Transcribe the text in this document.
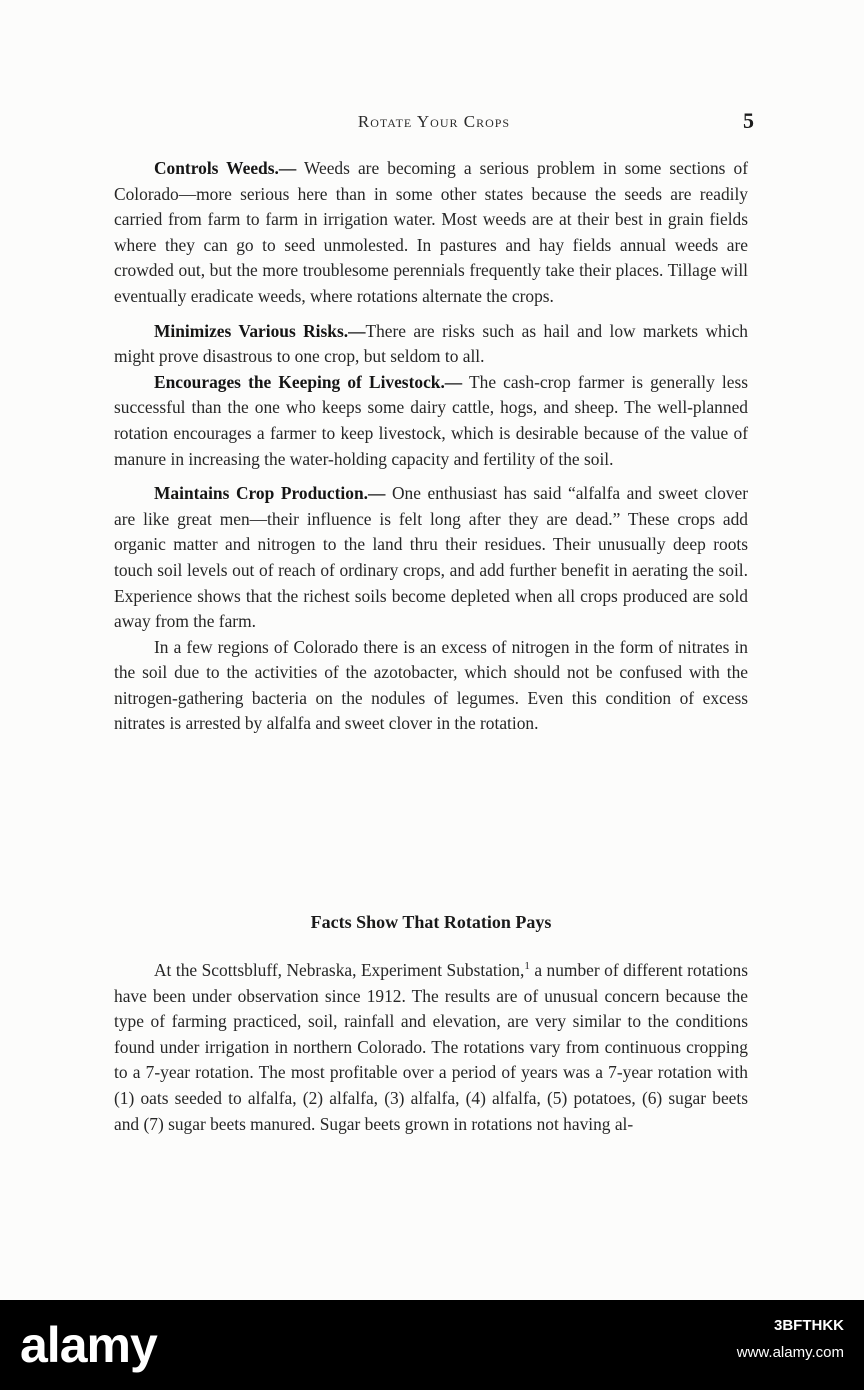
Rotate Your Crops	5

Controls Weeds.— Weeds are becoming a serious problem in some sections of Colorado—more serious here than in some other states because the seeds are readily carried from farm to farm in irrigation water. Most weeds are at their best in grain fields where they can go to seed unmolested. In pastures and hay fields annual weeds are crowded out, but the more troublesome perennials frequently take their places. Tillage will eventually eradicate weeds, where rotations alternate the crops.

Minimizes Various Risks.—There are risks such as hail and low markets which might prove disastrous to one crop, but seldom to all.

Encourages the Keeping of Livestock.— The cash-crop farmer is generally less successful than the one who keeps some dairy cattle, hogs, and sheep. The well-planned rotation encourages a farmer to keep livestock, which is desirable because of the value of manure in increasing the water-holding capacity and fertility of the soil.

Maintains Crop Production.— One enthusiast has said “alfalfa and sweet clover are like great men—their influence is felt long after they are dead.” These crops add organic matter and nitrogen to the land thru their residues. Their unusually deep roots touch soil levels out of reach of ordinary crops, and add further benefit in aerating the soil. Experience shows that the richest soils become depleted when all crops produced are sold away from the farm.

In a few regions of Colorado there is an excess of nitrogen in the form of nitrates in the soil due to the activities of the azotobacter, which should not be confused with the nitrogen-gathering bacteria on the nodules of legumes. Even this condition of excess nitrates is arrested by alfalfa and sweet clover in the rotation.

Facts Show That Rotation Pays

At the Scottsbluff, Nebraska, Experiment Substation,$^1$ a number of different rotations have been under observation since 1912. The results are of unusual concern because the type of farming practiced, soil, rainfall and elevation, are very similar to the conditions found under irrigation in northern Colorado. The rotations vary from continuous cropping to a 7-year rotation. The most profitable over a period of years was a 7-year rotation with (1) oats seeded to alfalfa, (2) alfalfa, (3) alfalfa, (4) alfalfa, (5) potatoes, (6) sugar beets and (7) sugar beets manured. Sugar beets grown in rotations not having al-

alamy	3BFTHKK
www.alamy.com
